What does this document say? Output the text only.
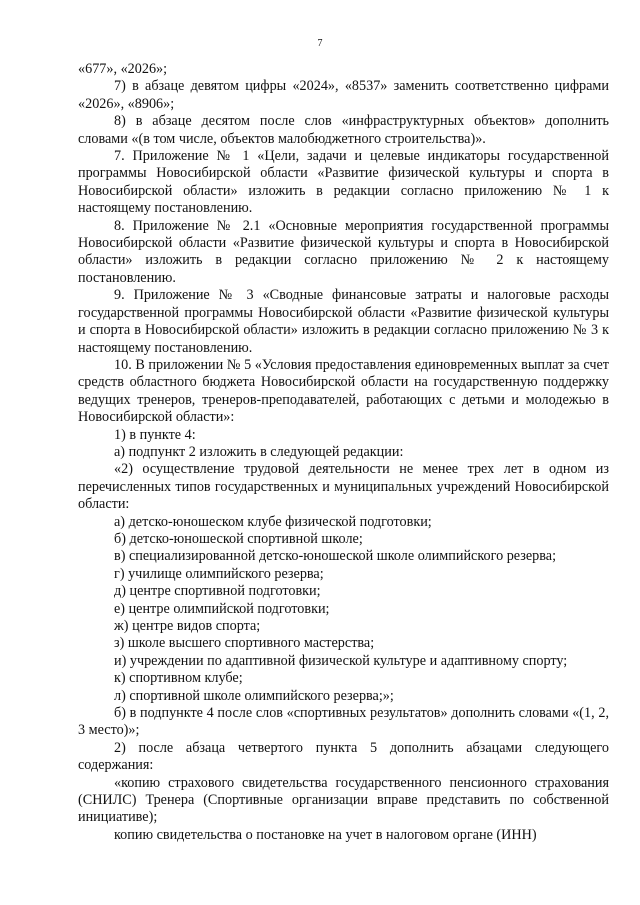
7

«677», «2026»;

7) в абзаце девятом цифры «2024», «8537» заменить соответственно цифрами «2026», «8906»;

8) в абзаце десятом после слов «инфраструктурных объектов» дополнить словами «(в том числе, объектов малобюджетного строительства)».

7. Приложение № 1 «Цели, задачи и целевые индикаторы государственной программы Новосибирской области «Развитие физической культуры и спорта в Новосибирской области» изложить в редакции согласно приложению № 1 к настоящему постановлению.

8. Приложение № 2.1 «Основные мероприятия государственной программы Новосибирской области «Развитие физической культуры и спорта в Новосибирской области» изложить в редакции согласно приложению № 2 к настоящему постановлению.

9. Приложение № 3 «Сводные финансовые затраты и налоговые расходы государственной программы Новосибирской области «Развитие физической культуры и спорта в Новосибирской области» изложить в редакции согласно приложению № 3 к настоящему постановлению.

10. В приложении № 5 «Условия предоставления единовременных выплат за счет средств областного бюджета Новосибирской области на государственную поддержку ведущих тренеров, тренеров-преподавателей, работающих с детьми и молодежью в Новосибирской области»:

1) в пункте 4:

а) подпункт 2 изложить в следующей редакции:

«2) осуществление трудовой деятельности не менее трех лет в одном из перечисленных типов государственных и муниципальных учреждений Новосибирской области:

а) детско-юношеском клубе физической подготовки;

б) детско-юношеской спортивной школе;

в) специализированной детско-юношеской школе олимпийского резерва;

г) училище олимпийского резерва;

д) центре спортивной подготовки;

е) центре олимпийской подготовки;

ж) центре видов спорта;

з) школе высшего спортивного мастерства;

и) учреждении по адаптивной физической культуре и адаптивному спорту;

к) спортивном клубе;

л) спортивной школе олимпийского резерва;»;

б) в подпункте 4 после слов «спортивных результатов» дополнить словами «(1, 2, 3 место)»;

2) после абзаца четвертого пункта 5 дополнить абзацами следующего содержания:

«копию страхового свидетельства государственного пенсионного страхования (СНИЛС) Тренера (Спортивные организации вправе представить по собственной инициативе);

копию свидетельства о постановке на учет в налоговом органе (ИНН)
